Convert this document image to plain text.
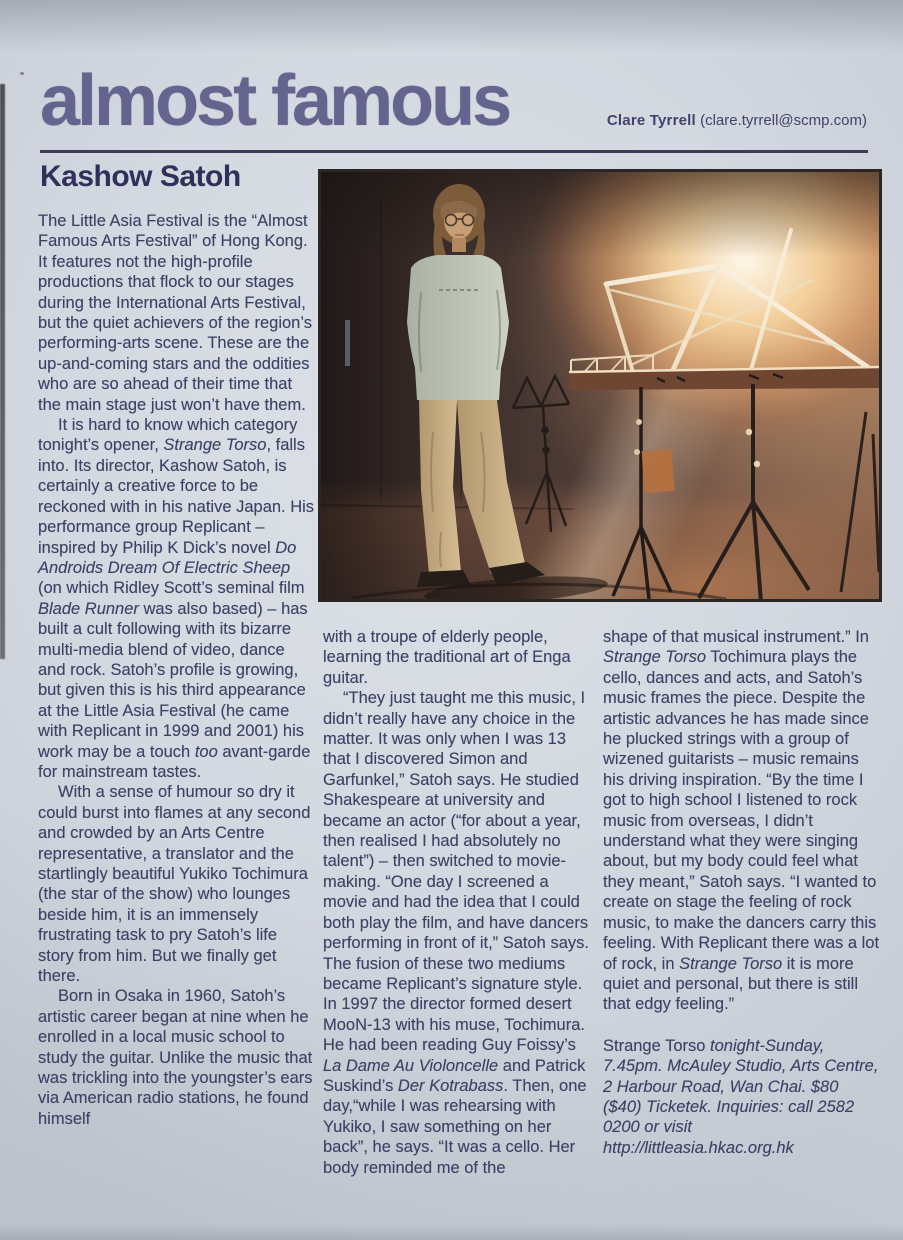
almost famous	Clare Tyrrell (clare.tyrrell@scmp.com)
Kashow Satoh

The Little Asia Festival is the “Almost Famous Arts Festival” of Hong Kong. It features not the high-profile productions that flock to our stages during the International Arts Festival, but the quiet achievers of the region’s performing-arts scene. These are the up-and-coming stars and the oddities who are so ahead of their time that the main stage just won’t have them.

It is hard to know which category tonight’s opener, Strange Torso, falls into. Its director, Kashow Satoh, is certainly a creative force to be reckoned with in his native Japan. His performance group Replicant – inspired by Philip K Dick’s novel Do Androids Dream Of Electric Sheep (on which Ridley Scott’s seminal film Blade Runner was also based) – has built a cult following with its bizarre multi-media blend of video, dance and rock. Satoh’s profile is growing, but given this is his third appearance at the Little Asia Festival (he came with Replicant in 1999 and 2001) his work may be a touch too avant-garde for mainstream tastes.

With a sense of humour so dry it could burst into flames at any second and crowded by an Arts Centre representative, a translator and the startlingly beautiful Yukiko Tochimura (the star of the show) who lounges beside him, it is an immensely frustrating task to pry Satoh’s life story from him. But we finally get there.

Born in Osaka in 1960, Satoh’s artistic career began at nine when he enrolled in a local music school to study the guitar. Unlike the music that was trickling into the youngster’s ears via American radio stations, he found himself

with a troupe of elderly people, learning the traditional art of Enga guitar.

“They just taught me this music, I didn’t really have any choice in the matter. It was only when I was 13 that I discovered Simon and Garfunkel,” Satoh says. He studied Shakespeare at university and became an actor (“for about a year, then realised I had absolutely no talent”) – then switched to movie-making. “One day I screened a movie and had the idea that I could both play the film, and have dancers performing in front of it,” Satoh says. The fusion of these two mediums became Replicant’s signature style. In 1997 the director formed desert MooN-13 with his muse, Tochimura. He had been reading Guy Foissy’s La Dame Au Violoncelle and Patrick Suskind’s Der Kotrabass. Then, one day,“while I was rehearsing with Yukiko, I saw something on her back”, he says. “It was a cello. Her body reminded me of the

shape of that musical instrument.” In Strange Torso Tochimura plays the cello, dances and acts, and Satoh’s music frames the piece. Despite the artistic advances he has made since he plucked strings with a group of wizened guitarists – music remains his driving inspiration. “By the time I got to high school I listened to rock music from overseas, I didn’t understand what they were singing about, but my body could feel what they meant,” Satoh says. “I wanted to create on stage the feeling of rock music, to make the dancers carry this feeling. With Replicant there was a lot of rock, in Strange Torso it is more quiet and personal, but there is still that edgy feeling.”

Strange Torso tonight-Sunday, 7.45pm. McAuley Studio, Arts Centre, 2 Harbour Road, Wan Chai. $80 ($40) Ticketek. Inquiries: call 2582 0200 or visit http://littleasia.hkac.org.hk
